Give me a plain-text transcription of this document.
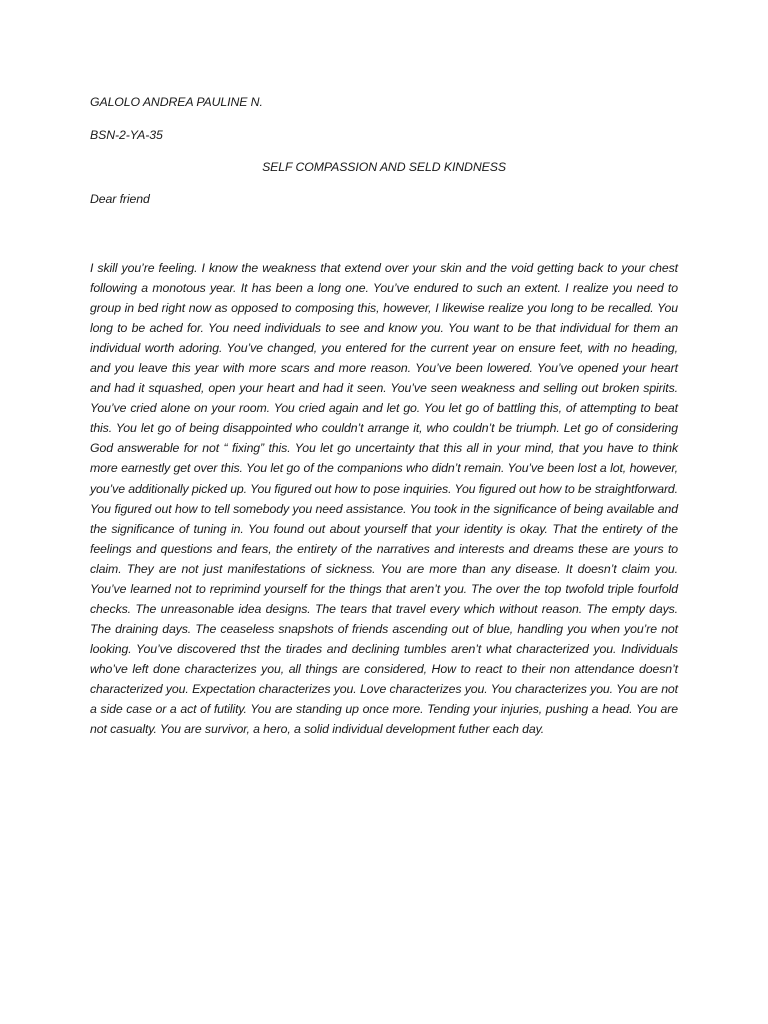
GALOLO ANDREA PAULINE N.

BSN-2-YA-35

SELF COMPASSION AND SELD KINDNESS

Dear friend

I skill you’re feeling. I know the weakness that extend over your skin and the void getting back to your chest following a monotous year. It has been a long one. You’ve endured to such an extent. I realize you need to group in bed right now as opposed to composing this, however, I likewise realize you long to be recalled. You long to be ached for. You need individuals to see and know you. You want to be that individual for them an individual worth adoring. You’ve changed, you entered for the current year on ensure feet, with no heading, and you leave this year with more scars and more reason. You’ve been lowered. You’ve opened your heart and had it squashed, open your heart and had it seen. You’ve seen weakness and selling out broken spirits. You’ve cried alone on your room. You cried again and let go. You let go of battling this, of attempting to beat this. You let go of being disappointed who couldn’t arrange it, who couldn’t be triumph. Let go of considering God answerable for not “ fixing” this. You let go uncertainty that this all in your mind, that you have to think more earnestly get over this. You let go of the companions who didn’t remain. You’ve been lost a lot, however, you’ve additionally picked up. You figured out how to pose inquiries. You figured out how to be straightforward. You figured out how to tell somebody you need assistance. You took in the significance of being available and the significance of tuning in. You found out about yourself that your identity is okay. That the entirety of the feelings and questions and fears, the entirety of the narratives and interests and dreams these are yours to claim. They are not just manifestations of sickness. You are more than any disease. It doesn’t claim you. You’ve learned not to reprimind yourself for the things that aren’t you. The over the top twofold triple fourfold checks. The unreasonable idea designs. The tears that travel every which without reason. The empty days. The draining days. The ceaseless snapshots of friends ascending out of blue, handling you when you’re not looking. You’ve discovered thst the tirades and declining tumbles aren’t what characterized you. Individuals who’ve left done characterizes you, all things are considered, How to react to their non attendance doesn’t characterized you. Expectation characterizes you. Love characterizes you. You characterizes you. You are not a side case or a act of futility. You are standing up once more. Tending your injuries, pushing a head. You are not casualty. You are survivor, a hero, a solid individual development futher each day.
